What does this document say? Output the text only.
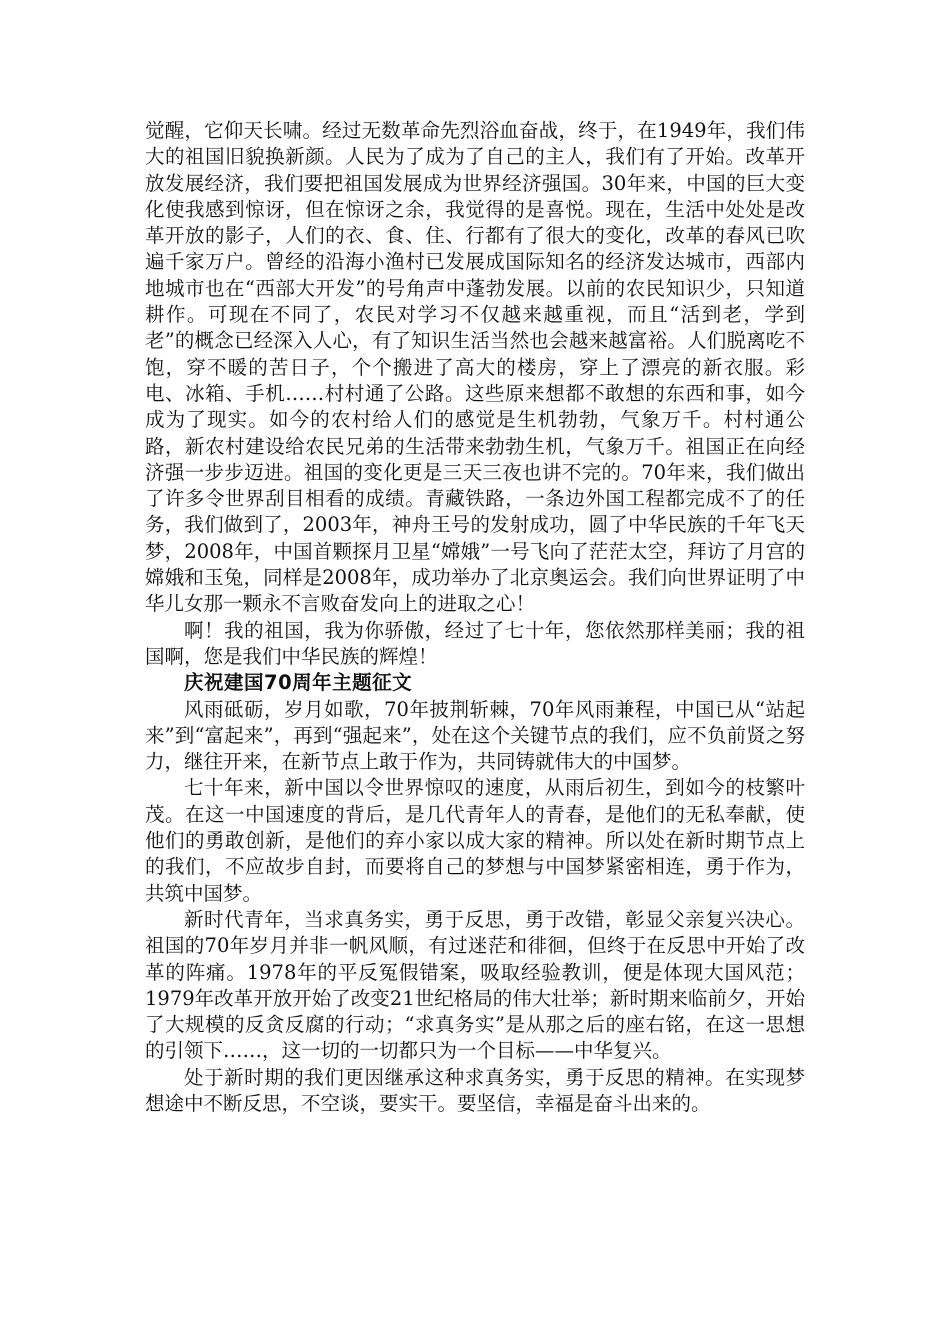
觉醒，它仰天长啸。经过无数革命先烈浴血奋战，终于，在1949年，我们伟大的祖国旧貌换新颜。人民为了成为了自己的主人，我们有了开始。改革开放发展经济，我们要把祖国发展成为世界经济强国。30年来，中国的巨大变化使我感到惊讶，但在惊讶之余，我觉得的是喜悦。现在，生活中处处是改革开放的影子，人们的衣、食、住、行都有了很大的变化，改革的春风已吹遍千家万户。曾经的沿海小渔村已发展成国际知名的经济发达城市，西部内地城市也在“西部大开发”的号角声中蓬勃发展。以前的农民知识少，只知道耕作。可现在不同了，农民对学习不仅越来越重视，而且“活到老，学到老”的概念已经深入人心，有了知识生活当然也会越来越富裕。人们脱离吃不饱，穿不暖的苦日子，个个搬进了高大的楼房，穿上了漂亮的新衣服。彩电、冰箱、手机……村村通了公路。这些原来想都不敢想的东西和事，如今成为了现实。如今的农村给人们的感觉是生机勃勃，气象万千。村村通公路，新农村建设给农民兄弟的生活带来勃勃生机，气象万千。祖国正在向经济强一步步迈进。祖国的变化更是三天三夜也讲不完的。70年来，我们做出了许多令世界刮目相看的成绩。青藏铁路，一条边外国工程都完成不了的任务，我们做到了，2003年，神舟王号的发射成功，圆了中华民族的千年飞天梦，2008年，中国首颗探月卫星“嫦娥”一号飞向了茫茫太空，拜访了月宫的嫦娥和玉兔，同样是2008年，成功举办了北京奥运会。我们向世界证明了中华儿女那一颗永不言败奋发向上的进取之心！

啊！我的祖国，我为你骄傲，经过了七十年，您依然那样美丽；我的祖国啊，您是我们中华民族的辉煌！

庆祝建国70周年主题征文

风雨砥砺，岁月如歌，70年披荆斩棘，70年风雨兼程，中国已从“站起来”到“富起来”，再到“强起来”，处在这个关键节点的我们，应不负前贤之努力，继往开来，在新节点上敢于作为，共同铸就伟大的中国梦。

七十年来，新中国以令世界惊叹的速度，从雨后初生，到如今的枝繁叶茂。在这一中国速度的背后，是几代青年人的青春，是他们的无私奉献，使他们的勇敢创新，是他们的弃小家以成大家的精神。所以处在新时期节点上的我们，不应故步自封，而要将自己的梦想与中国梦紧密相连，勇于作为，共筑中国梦。

新时代青年，当求真务实，勇于反思，勇于改错，彰显父亲复兴决心。祖国的70年岁月并非一帆风顺，有过迷茫和徘徊，但终于在反思中开始了改革的阵痛。1978年的平反冤假错案，吸取经验教训，便是体现大国风范；1979年改革开放开始了改变21世纪格局的伟大壮举；新时期来临前夕，开始了大规模的反贪反腐的行动；“求真务实”是从那之后的座右铭，在这一思想的引领下……，这一切的一切都只为一个目标——中华复兴。

处于新时期的我们更因继承这种求真务实，勇于反思的精神。在实现梦想途中不断反思，不空谈，要实干。要坚信，幸福是奋斗出来的。
